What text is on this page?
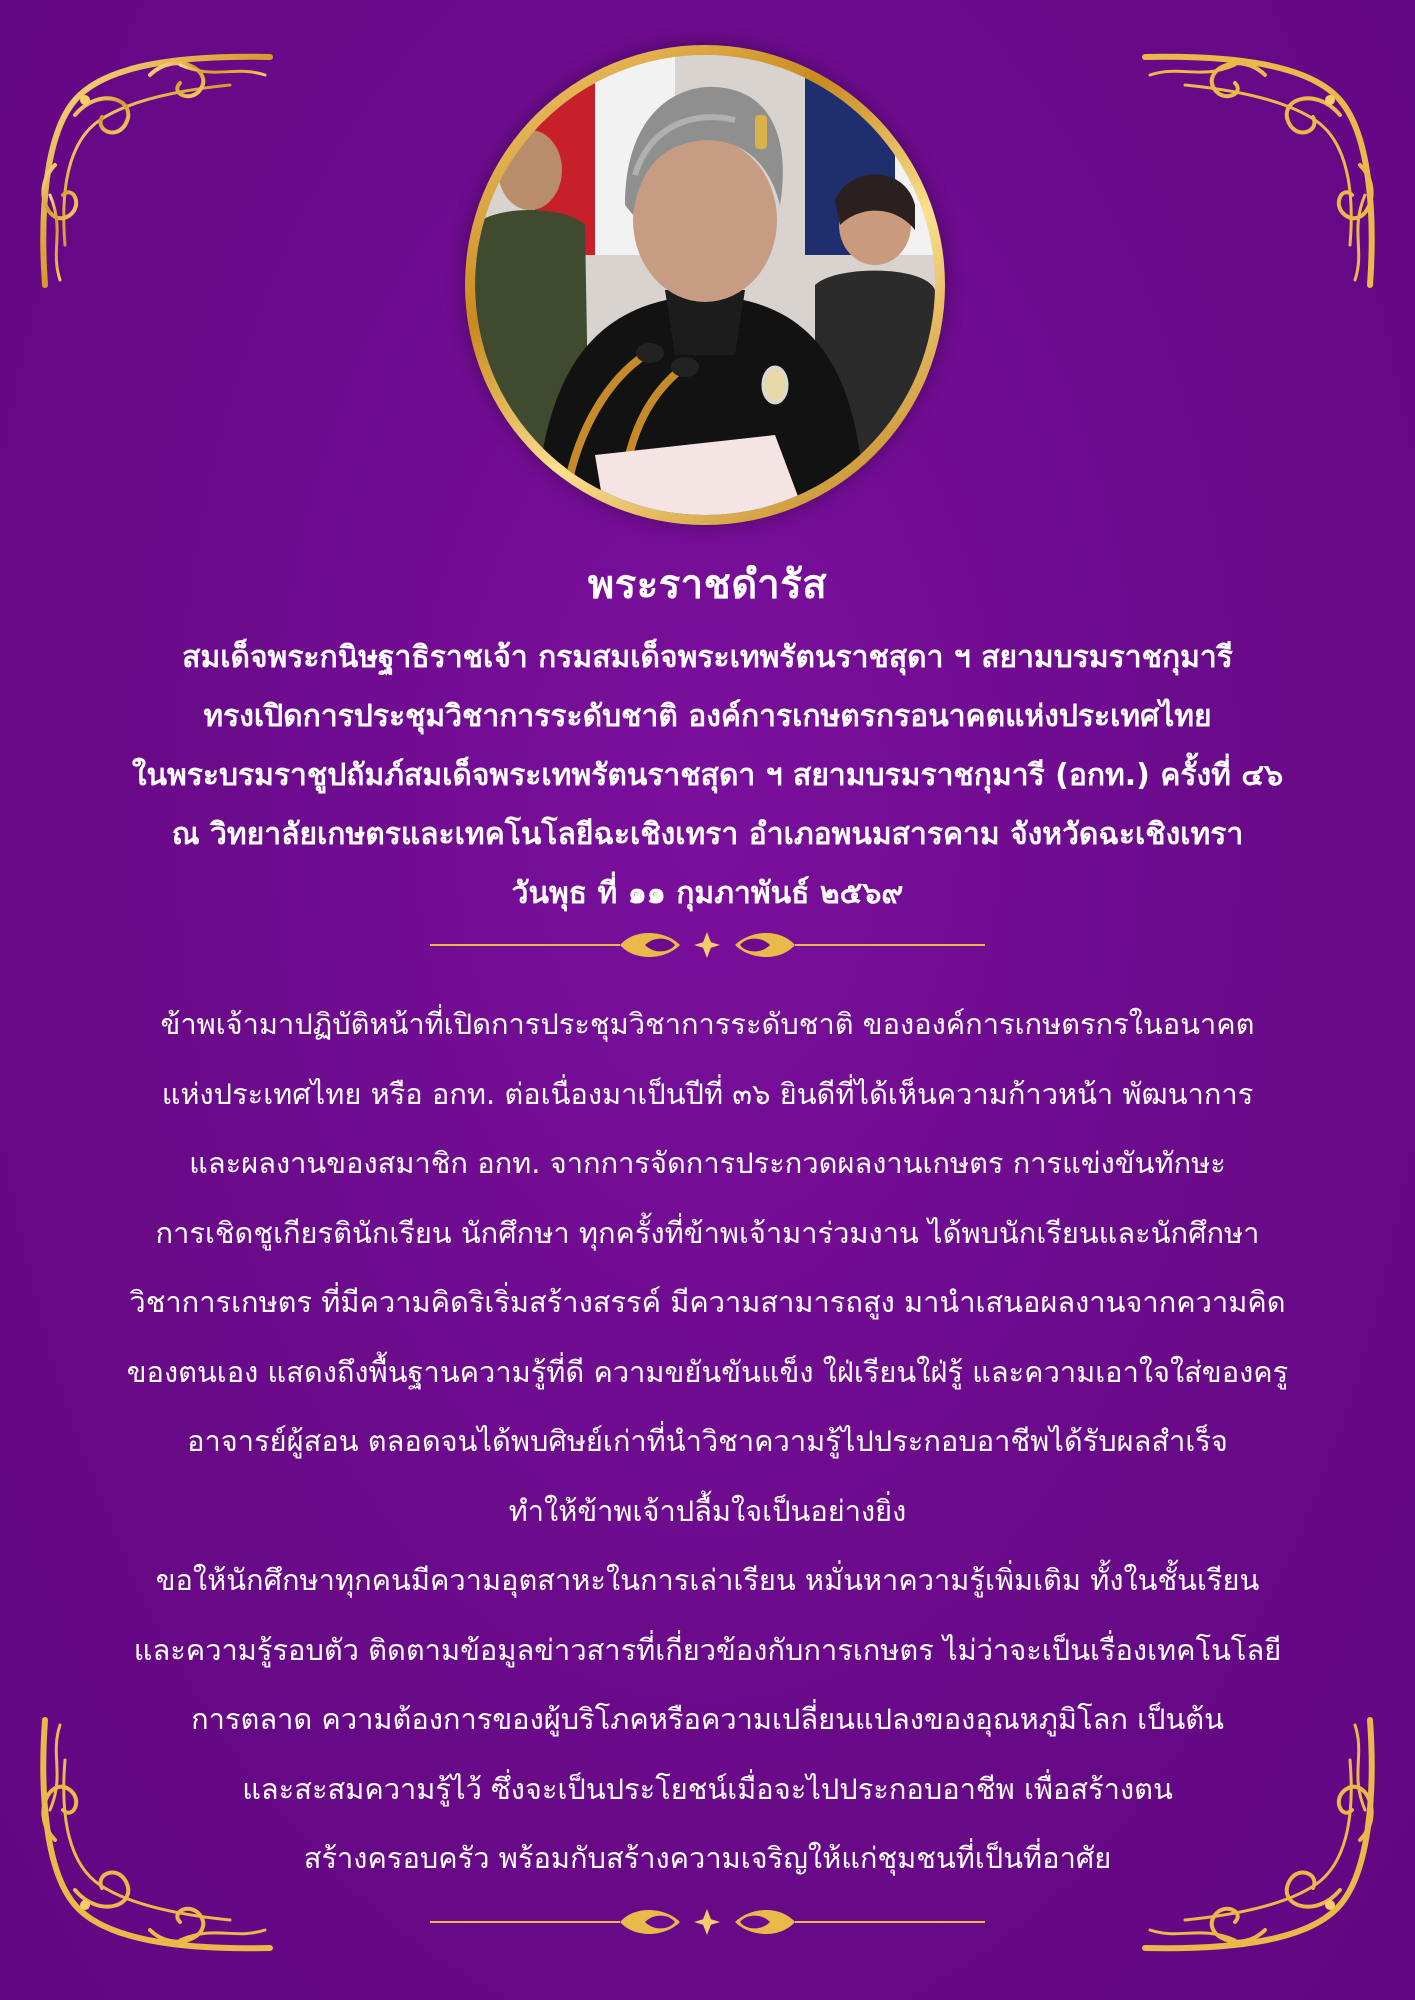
พระราชดำรัส
สมเด็จพระกนิษฐาธิราชเจ้า กรมสมเด็จพระเทพรัตนราชสุดา ฯ สยามบรมราชกุมารี
ทรงเปิดการประชุมวิชาการระดับชาติ องค์การเกษตรกรอนาคตแห่งประเทศไทย
ในพระบรมราชูปถัมภ์สมเด็จพระเทพรัตนราชสุดา ฯ สยามบรมราชกุมารี (อกท.) ครั้งที่ ๔๖
ณ วิทยาลัยเกษตรและเทคโนโลยีฉะเชิงเทรา อำเภอพนมสารคาม จังหวัดฉะเชิงเทรา
วันพุธ ที่ ๑๑ กุมภาพันธ์ ๒๕๖๙
ข้าพเจ้ามาปฏิบัติหน้าที่เปิดการประชุมวิชาการระดับชาติ ขององค์การเกษตรกรในอนาคต
แห่งประเทศไทย หรือ อกท. ต่อเนื่องมาเป็นปีที่ ๓๖ ยินดีที่ได้เห็นความก้าวหน้า พัฒนาการ
และผลงานของสมาชิก อกท. จากการจัดการประกวดผลงานเกษตร การแข่งขันทักษะ
การเชิดชูเกียรตินักเรียน นักศึกษา ทุกครั้งที่ข้าพเจ้ามาร่วมงาน ได้พบนักเรียนและนักศึกษา
วิชาการเกษตร ที่มีความคิดริเริ่มสร้างสรรค์ มีความสามารถสูง มานำเสนอผลงานจากความคิด
ของตนเอง แสดงถึงพื้นฐานความรู้ที่ดี ความขยันขันแข็ง ใฝ่เรียนใฝ่รู้ และความเอาใจใส่ของครู
อาจารย์ผู้สอน ตลอดจนได้พบศิษย์เก่าที่นำวิชาความรู้ไปประกอบอาชีพได้รับผลสำเร็จ
ทำให้ข้าพเจ้าปลื้มใจเป็นอย่างยิ่ง
ขอให้นักศึกษาทุกคนมีความอุตสาหะในการเล่าเรียน หมั่นหาความรู้เพิ่มเติม ทั้งในชั้นเรียน
และความรู้รอบตัว ติดตามข้อมูลข่าวสารที่เกี่ยวข้องกับการเกษตร ไม่ว่าจะเป็นเรื่องเทคโนโลยี
การตลาด ความต้องการของผู้บริโภคหรือความเปลี่ยนแปลงของอุณหภูมิโลก เป็นต้น
และสะสมความรู้ไว้ ซึ่งจะเป็นประโยชน์เมื่อจะไปประกอบอาชีพ เพื่อสร้างตน
สร้างครอบครัว พร้อมกับสร้างความเจริญให้แก่ชุมชนที่เป็นที่อาศัย
